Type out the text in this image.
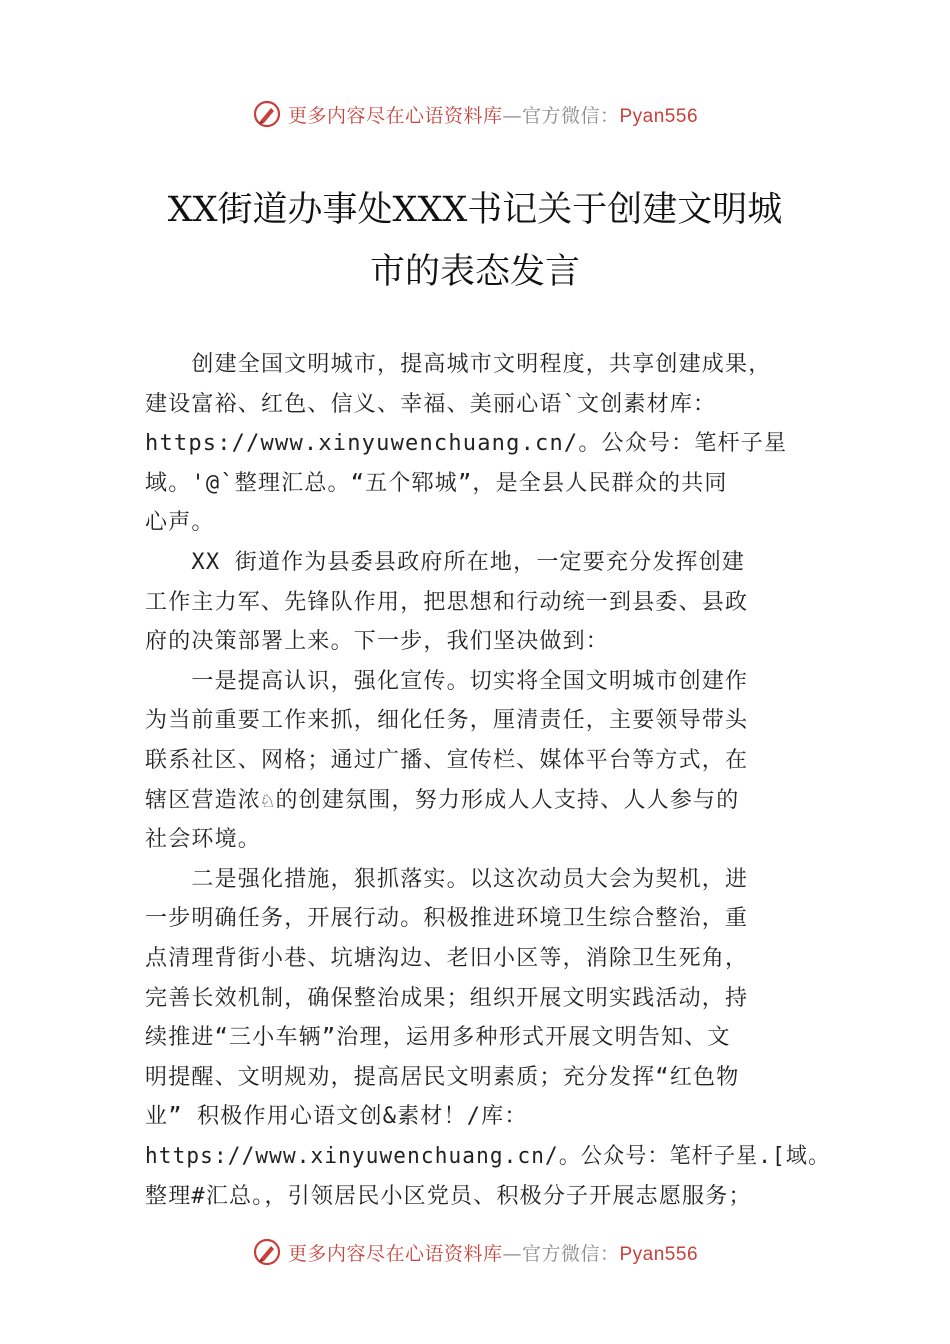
更多内容尽在心语资料库—官方微信：Pyan556
XX街道办事处XXX书记关于创建文明城
市的表态发言
　　创建全国文明城市，提高城市文明程度，共享创建成果，
建设富裕、红色、信义、幸福、美丽心语`文创素材库：
https://www.xinyuwenchuang.cn/。公众号：笔杆子星
域。'@`整理汇总。“五个郓城”，是全县人民群众的共同
心声。
　　XX 街道作为县委县政府所在地，一定要充分发挥创建
工作主力军、先锋队作用，把思想和行动统一到县委、县政
府的决策部署上来。下一步，我们坚决做到：
　　一是提高认识，强化宣传。切实将全国文明城市创建作
为当前重要工作来抓，细化任务，厘清责任，主要领导带头
联系社区、网格；通过广播、宣传栏、媒体平台等方式，在
辖区营造浓♘的创建氛围，努力形成人人支持、人人参与的
社会环境。
　　二是强化措施，狠抓落实。以这次动员大会为契机，进
一步明确任务，开展行动。积极推进环境卫生综合整治，重
点清理背街小巷、坑塘沟边、老旧小区等，消除卫生死角，
完善长效机制，确保整治成果；组织开展文明实践活动，持
续推进“三小车辆”治理，运用多种形式开展文明告知、文
明提醒、文明规劝，提高居民文明素质；充分发挥“红色物
业” 积极作用心语文创&素材！/库：
https://www.xinyuwenchuang.cn/。公众号：笔杆子星.[域。
整理#汇总。，引领居民小区党员、积极分子开展志愿服务；
更多内容尽在心语资料库—官方微信：Pyan556
